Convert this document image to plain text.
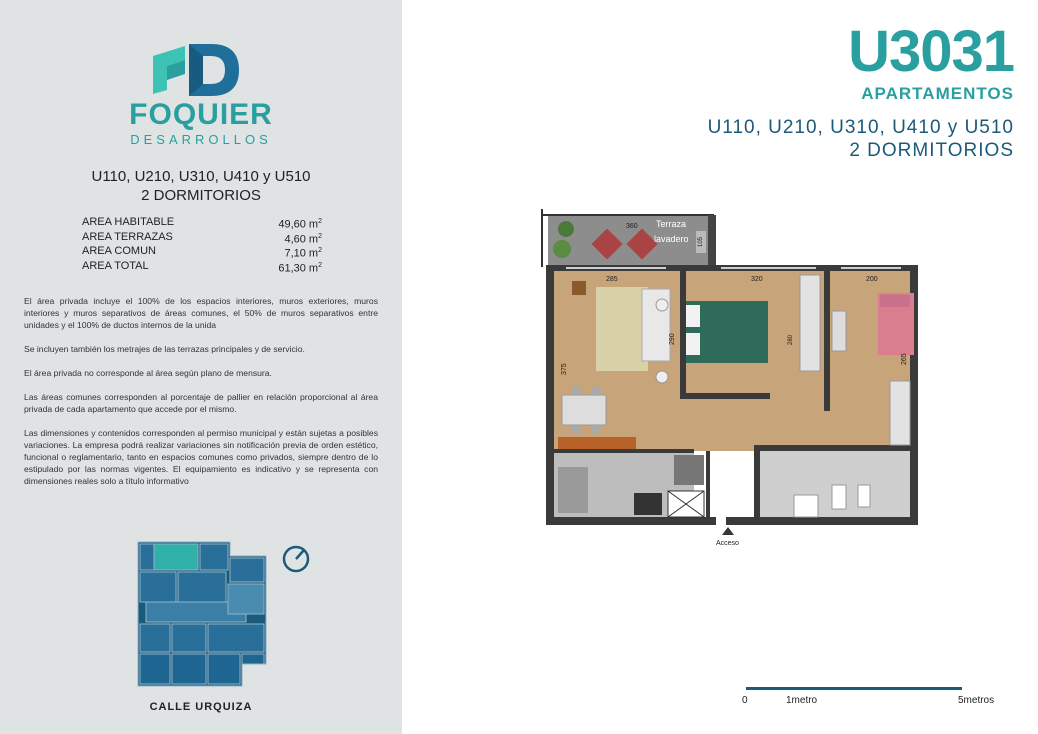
FOQUIER
DESARROLLOS
U110, U210, U310, U410 y U510
2 DORMITORIOS
AREA HABITABLE	49,60 $m^2$
AREA TERRAZAS	4,60 $m^2$
AREA COMUN	7,10 $m^2$
AREA TOTAL	61,30 $m^2$

El área privada incluye el 100% de los espacios interiores, muros exteriores, muros interiores y muros separativos de áreas comunes, el 50% de muros separativos entre unidades y el 100% de ductos internos de la unida

Se incluyen también los metrajes de las terrazas principales y de servicio.

El área privada no corresponde al área según plano de mensura.

Las áreas comunes corresponden al porcentaje de pallier en relación proporcional al área privada de cada apartamento que accede por el mismo.

Las dimensiones y contenidos corresponden al permiso municipal y están sujetas a posibles variaciones. La empresa podrá realizar variaciones sin notificación previa de orden estético, funcional o reglamentario, tanto en espacios comunes como privados, siempre dentro de lo estipulado por las normas vigentes. El equipamiento es indicativo y se representa con dimensiones reales solo a título informativo

CALLE URQUIZA
U3031
APARTAMENTOS
U110, U210, U310, U410 y U510
2 DORMITORIOS
360
105
Terraza
lavadero
285
290
375
320
280
200
265
Acceso
0	1metro	5metros
